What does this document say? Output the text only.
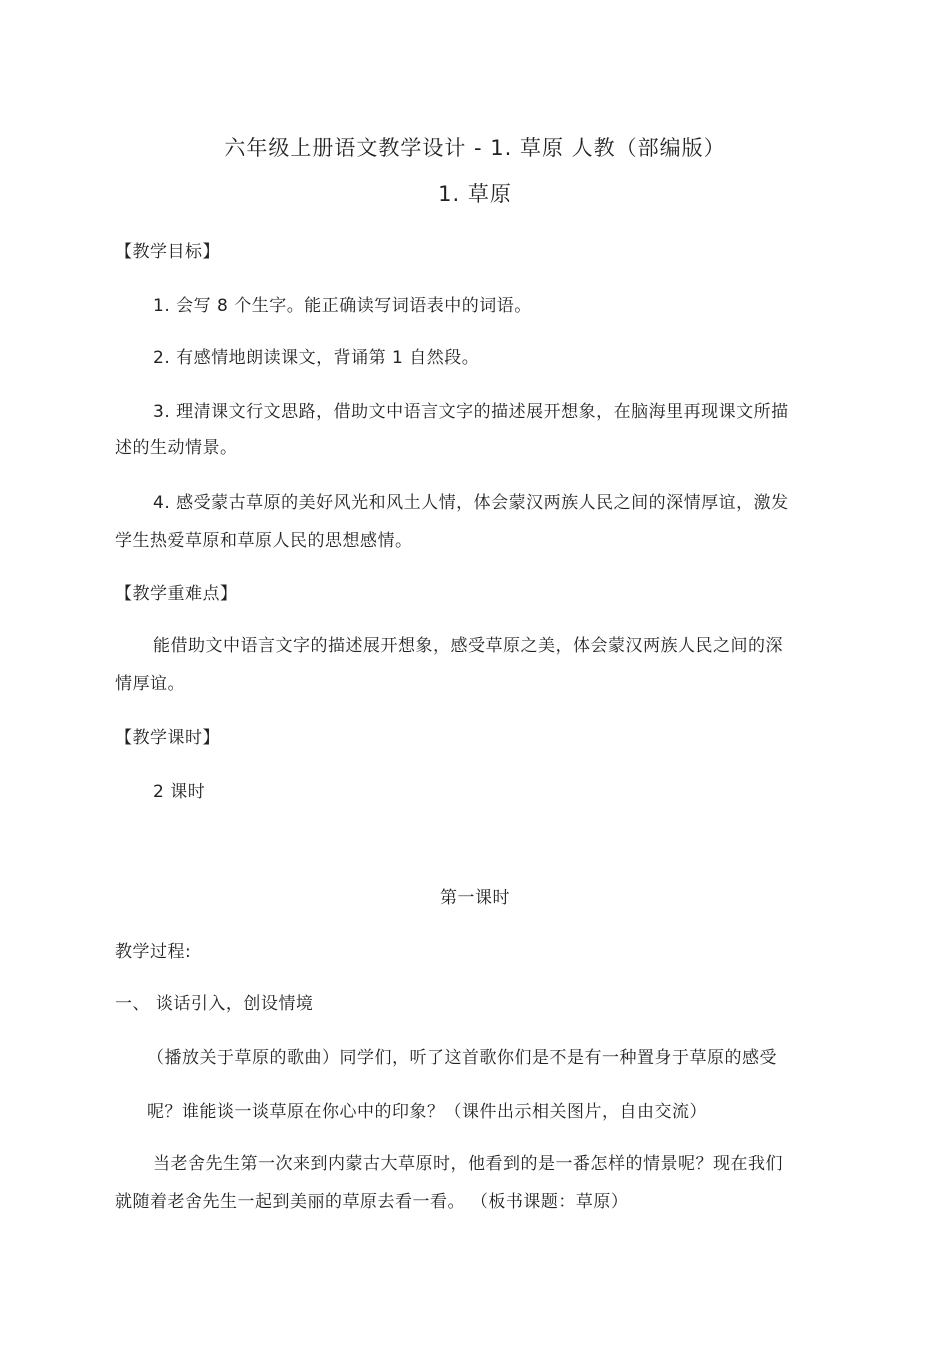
六年级上册语文教学设计 - 1. 草原 人教（部编版）
1. 草原
【教学目标】
1. 会写 8 个生字。能正确读写词语表中的词语。
2. 有感情地朗读课文，背诵第 1 自然段。
3. 理清课文行文思路，借助文中语言文字的描述展开想象，在脑海里再现课文所描
述的生动情景。
4. 感受蒙古草原的美好风光和风土人情，体会蒙汉两族人民之间的深情厚谊，激发
学生热爱草原和草原人民的思想感情。
【教学重难点】
能借助文中语言文字的描述展开想象，感受草原之美，体会蒙汉两族人民之间的深
情厚谊。
【教学课时】
2 课时
第一课时
教学过程:
一、 谈话引入，创设情境
（播放关于草原的歌曲）同学们，听了这首歌你们是不是有一种置身于草原的感受
呢？谁能谈一谈草原在你心中的印象？（课件出示相关图片，自由交流）
当老舍先生第一次来到内蒙古大草原时，他看到的是一番怎样的情景呢？现在我们
就随着老舍先生一起到美丽的草原去看一看。 （板书课题：草原）
